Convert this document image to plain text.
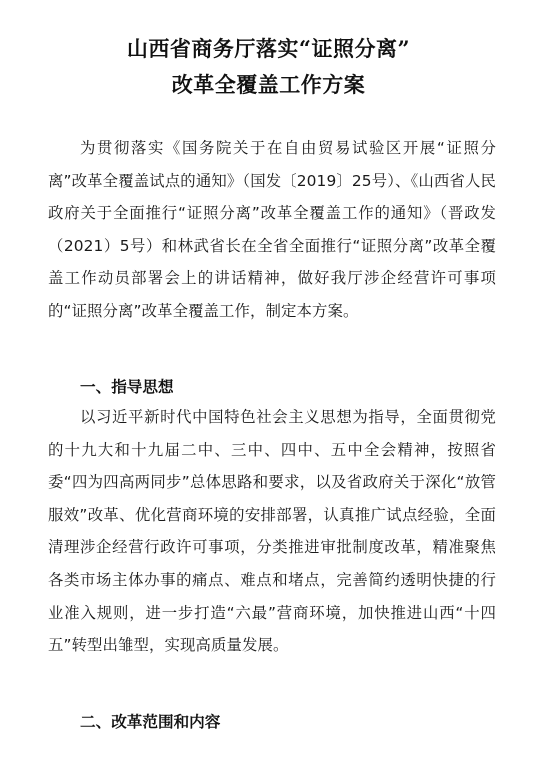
山西省商务厅落实“证照分离”
改革全覆盖工作方案

为贯彻落实《国务院关于在自由贸易试验区开展“证照分离”改革全覆盖试点的通知》（国发〔2019〕25号）、《山西省人民政府关于全面推行“证照分离”改革全覆盖工作的通知》（晋政发（2021）5号）和林武省长在全省全面推行“证照分离”改革全覆盖工作动员部署会上的讲话精神，做好我厅涉企经营许可事项的“证照分离”改革全覆盖工作，制定本方案。

一、指导思想

以习近平新时代中国特色社会主义思想为指导，全面贯彻党的十九大和十九届二中、三中、四中、五中全会精神，按照省委“四为四高两同步”总体思路和要求，以及省政府关于深化“放管服效”改革、优化营商环境的安排部署，认真推广试点经验，全面清理涉企经营行政许可事项，分类推进审批制度改革，精准聚焦各类市场主体办事的痛点、难点和堵点，完善简约透明快捷的行业准入规则，进一步打造“六最”营商环境，加快推进山西“十四五”转型出雏型，实现高质量发展。

二、改革范围和内容
